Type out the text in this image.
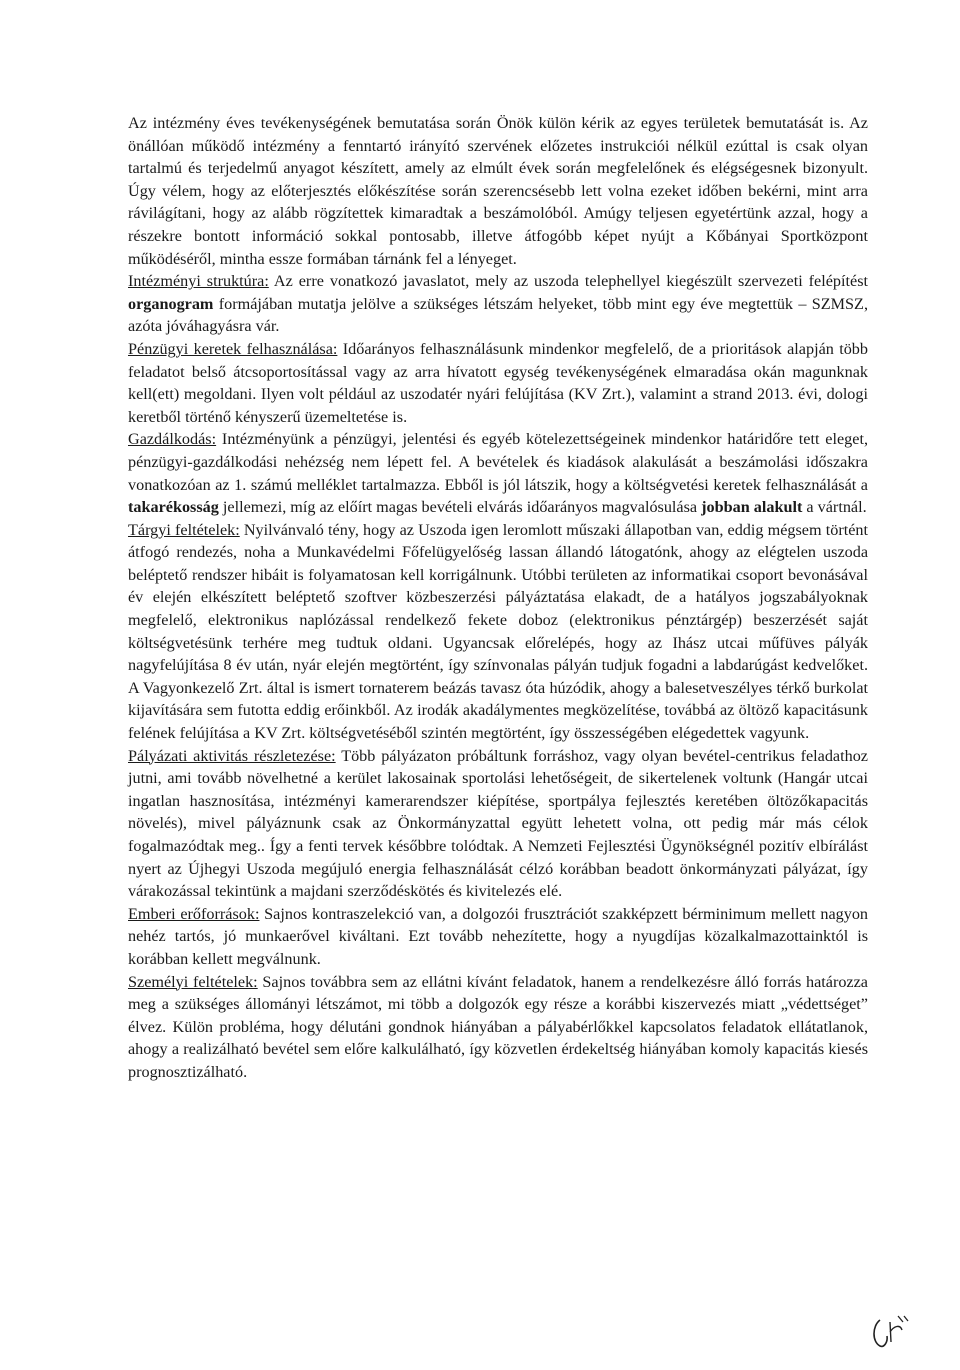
Az intézmény éves tevékenységének bemutatása során Önök külön kérik az egyes területek bemutatását is. Az önállóan működő intézmény a fenntartó irányító szervének előzetes instrukciói nélkül ezúttal is csak olyan tartalmú és terjedelmű anyagot készített, amely az elmúlt évek során megfelelőnek és elégségesnek bizonyult. Úgy vélem, hogy az előterjesztés előkészítése során szerencsésebb lett volna ezeket időben bekérni, mint arra rávilágítani, hogy az alább rögzítettek kimaradtak a beszámolóból. Amúgy teljesen egyetértünk azzal, hogy a részekre bontott információ sokkal pontosabb, illetve átfogóbb képet nyújt a Kőbányai Sportközpont működéséről, mintha essze formában tárnánk fel a lényeget.

Intézményi struktúra: Az erre vonatkozó javaslatot, mely az uszoda telephellyel kiegészült szervezeti felépítést organogram formájában mutatja jelölve a szükséges létszám helyeket, több mint egy éve megtettük – SZMSZ, azóta jóváhagyásra vár.

Pénzügyi keretek felhasználása: Időarányos felhasználásunk mindenkor megfelelő, de a prioritások alapján több feladatot belső átcsoportosítással vagy az arra hívatott egység tevékenységének elmaradása okán magunknak kell(ett) megoldani. Ilyen volt például az uszodatér nyári felújítása (KV Zrt.), valamint a strand 2013. évi, dologi keretből történő kényszerű üzemeltetése is.

Gazdálkodás: Intézményünk a pénzügyi, jelentési és egyéb kötelezettségeinek mindenkor határidőre tett eleget, pénzügyi-gazdálkodási nehézség nem lépett fel. A bevételek és kiadások alakulását a beszámolási időszakra vonatkozóan az 1. számú melléklet tartalmazza. Ebből is jól látszik, hogy a költségvetési keretek felhasználását a takarékosság jellemezi, míg az előírt magas bevételi elvárás időarányos magvalósulása jobban alakult a vártnál.

Tárgyi feltételek: Nyilvánvaló tény, hogy az Uszoda igen leromlott műszaki állapotban van, eddig mégsem történt átfogó rendezés, noha a Munkavédelmi Főfelügyelőség lassan állandó látogatónk, ahogy az elégtelen uszoda beléptető rendszer hibáit is folyamatosan kell korrigálnunk. Utóbbi területen az informatikai csoport bevonásával év elején elkészített beléptető szoftver közbeszerzési pályáztatása elakadt, de a hatályos jogszabályoknak megfelelő, elektronikus naplózással rendelkező fekete doboz (elektronikus pénztárgép) beszerzését saját költségvetésünk terhére meg tudtuk oldani. Ugyancsak előrelépés, hogy az Ihász utcai műfüves pályák nagyfelújítása 8 év után, nyár elején megtörtént, így színvonalas pályán tudjuk fogadni a labdarúgást kedvelőket. A Vagyonkezelő Zrt. által is ismert tornaterem beázás tavasz óta húzódik, ahogy a balesetveszélyes térkő burkolat kijavítására sem futotta eddig erőinkből. Az irodák akadálymentes megközelítése, továbbá az öltöző kapacitásunk felének felújítása a KV Zrt. költségvetéséből szintén megtörtént, így összességében elégedettek vagyunk.

Pályázati aktivitás részletezése: Több pályázaton próbáltunk forráshoz, vagy olyan bevétel-centrikus feladathoz jutni, ami tovább növelhetné a kerület lakosainak sportolási lehetőségeit, de sikertelenek voltunk (Hangár utcai ingatlan hasznosítása, intézményi kamerarendszer kiépítése, sportpálya fejlesztés keretében öltözőkapacitás növelés), mivel pályáznunk csak az Önkormányzattal együtt lehetett volna, ott pedig már más célok fogalmazódtak meg.. Így a fenti tervek későbbre tolódtak. A Nemzeti Fejlesztési Ügynökségnél pozitív elbírálást nyert az Újhegyi Uszoda megújuló energia felhasználását célzó korábban beadott önkormányzati pályázat, így várakozással tekintünk a majdani szerződéskötés és kivitelezés elé.

Emberi erőforrások: Sajnos kontraszelekció van, a dolgozói frusztrációt szakképzett bérminimum mellett nagyon nehéz tartós, jó munkaerővel kiváltani. Ezt tovább nehezítette, hogy a nyugdíjas közalkalmazottainktól is korábban kellett megválnunk.

Személyi feltételek: Sajnos továbbra sem az ellátni kívánt feladatok, hanem a rendelkezésre álló forrás határozza meg a szükséges állományi létszámot, mi több a dolgozók egy része a korábbi kiszervezés miatt „védettséget” élvez. Külön probléma, hogy délutáni gondnok hiányában a pályabérlőkkel kapcsolatos feladatok ellátatlanok, ahogy a realizálható bevétel sem előre kalkulálható, így közvetlen érdekeltség hiányában komoly kapacitás kiesés prognosztizálható.
